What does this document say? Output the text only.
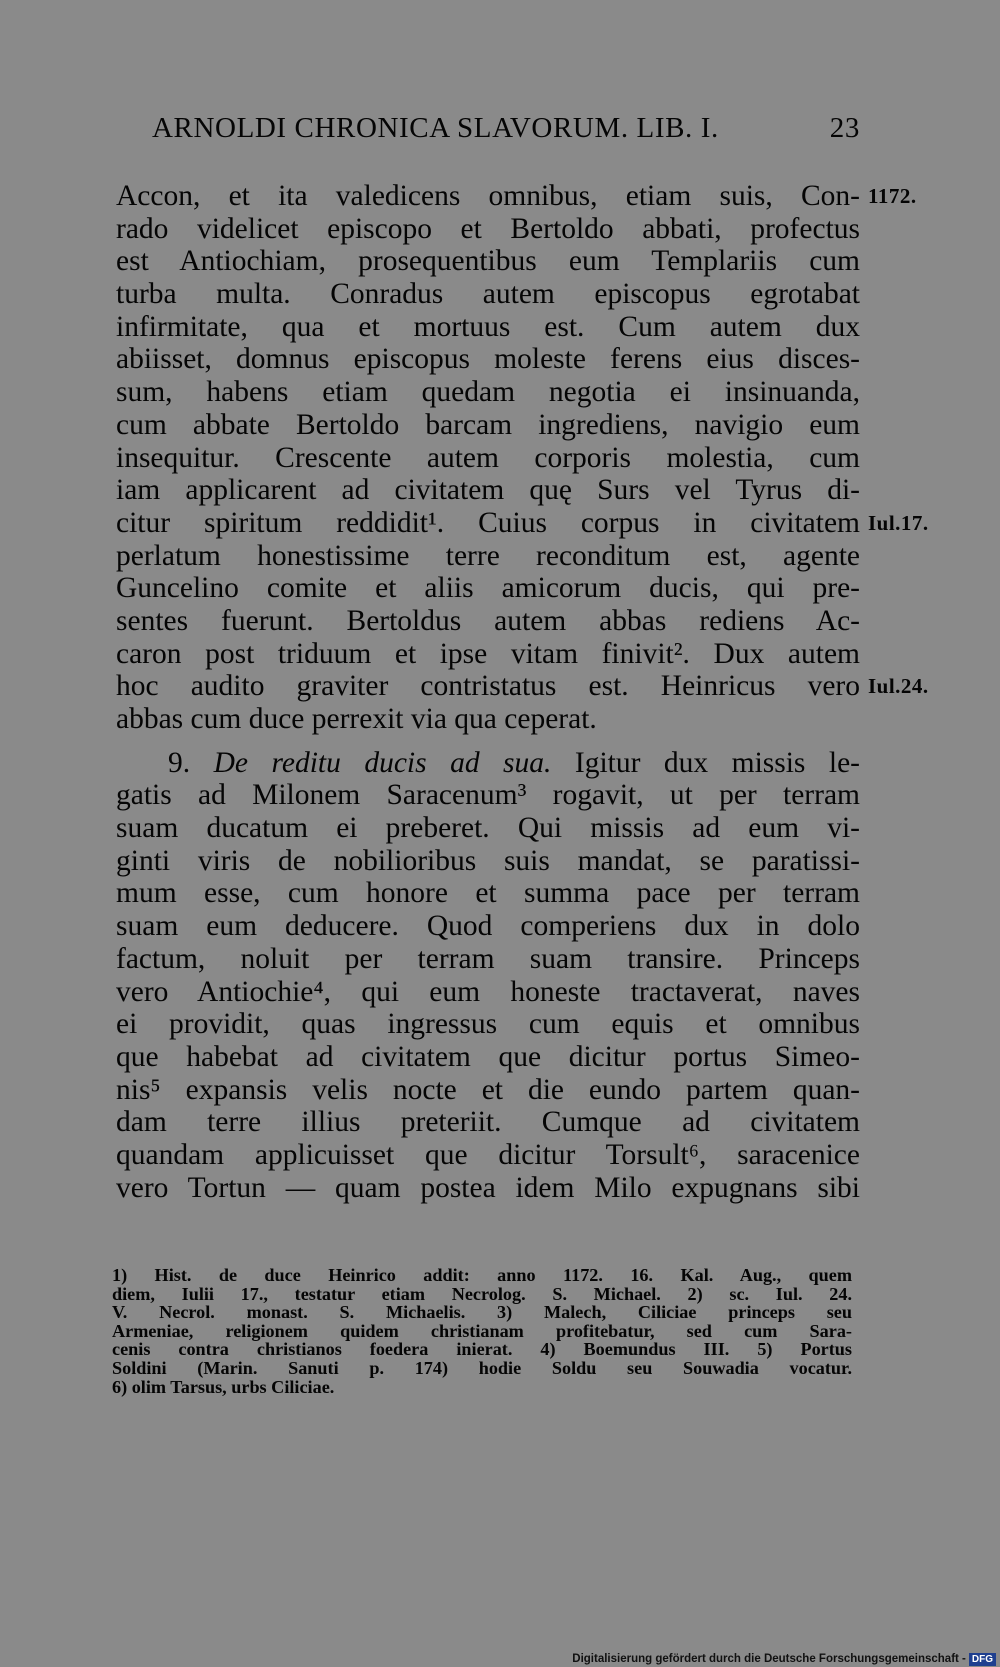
ARNOLDI CHRONICA SLAVORUM. LIB. I.	23
Accon, et ita valedicens omnibus, etiam suis, Con- 1172.
rado videlicet episcopo et Bertoldo abbati, profectus
est Antiochiam, prosequentibus eum Templariis cum
turba multa. Conradus autem episcopus egrotabat
infirmitate, qua et mortuus est. Cum autem dux
abiisset, domnus episcopus moleste ferens eius disces-
sum, habens etiam quedam negotia ei insinuanda,
cum abbate Bertoldo barcam ingrediens, navigio eum
insequitur. Crescente autem corporis molestia, cum
iam applicarent ad civitatem quę Surs vel Tyrus di-
citur spiritum reddidit¹. Cuius corpus in civitatem Iul.17.
perlatum honestissime terre reconditum est, agente
Guncelino comite et aliis amicorum ducis, qui pre-
sentes fuerunt. Bertoldus autem abbas rediens Ac-
caron post triduum et ipse vitam finivit². Dux autem
hoc audito graviter contristatus est. Heinricus vero Iul.24.
abbas cum duce perrexit via qua ceperat.
9. De reditu ducis ad sua. Igitur dux missis le-
gatis ad Milonem Saracenum³ rogavit, ut per terram
suam ducatum ei preberet. Qui missis ad eum vi-
ginti viris de nobilioribus suis mandat, se paratissi-
mum esse, cum honore et summa pace per terram
suam eum deducere. Quod comperiens dux in dolo
factum, noluit per terram suam transire. Princeps
vero Antiochie⁴, qui eum honeste tractaverat, naves
ei providit, quas ingressus cum equis et omnibus
que habebat ad civitatem que dicitur portus Simeo-
nis⁵ expansis velis nocte et die eundo partem quan-
dam terre illius preteriit. Cumque ad civitatem
quandam applicuisset que dicitur Torsult⁶, saracenice
vero Tortun — quam postea idem Milo expugnans sibi
1) Hist. de duce Heinrico addit: anno 1172. 16. Kal. Aug., quem
diem, Iulii 17., testatur etiam Necrolog. S. Michael. 2) sc. Iul. 24.
V. Necrol. monast. S. Michaelis. 3) Malech, Ciliciae princeps seu
Armeniae, religionem quidem christianam profitebatur, sed cum Sara-
cenis contra christianos foedera inierat. 4) Boemundus III. 5) Portus
Soldini (Marin. Sanuti p. 174) hodie Soldu seu Souwadia vocatur.
6) olim Tarsus, urbs Ciliciae.
Digitalisierung gefördert durch die Deutsche Forschungsgemeinschaft - DFG
